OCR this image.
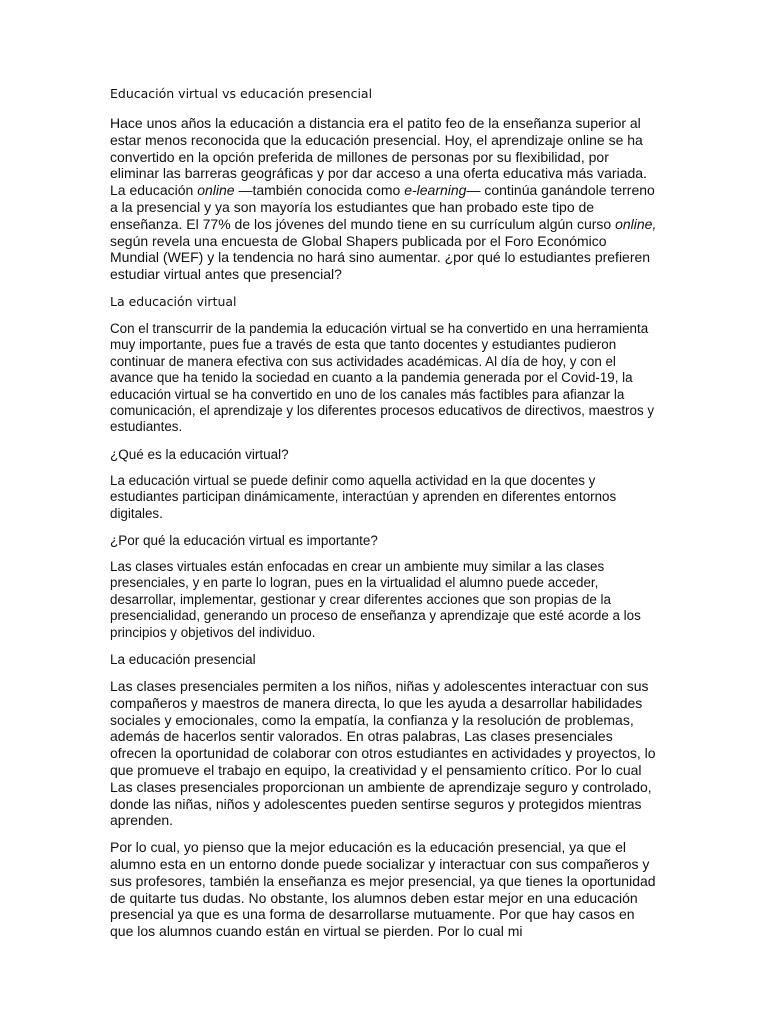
Educación virtual vs educación presencial

Hace unos años la educación a distancia era el patito feo de la enseñanza superior al estar menos reconocida que la educación presencial. Hoy, el aprendizaje online se ha convertido en la opción preferida de millones de personas por su flexibilidad, por eliminar las barreras geográficas y por dar acceso a una oferta educativa más variada. La educación online —también conocida como e-learning— continúa ganándole terreno a la presencial y ya son mayoría los estudiantes que han probado este tipo de enseñanza. El 77% de los jóvenes del mundo tiene en su currículum algún curso online, según revela una encuesta de Global Shapers publicada por el Foro Económico Mundial (WEF) y la tendencia no hará sino aumentar. ¿por qué lo estudiantes prefieren estudiar virtual antes que presencial?

La educación virtual

Con el transcurrir de la pandemia la educación virtual se ha convertido en una herramienta muy importante, pues fue a través de esta que tanto docentes y estudiantes pudieron continuar de manera efectiva con sus actividades académicas. Al día de hoy, y con el avance que ha tenido la sociedad en cuanto a la pandemia generada por el Covid-19, la educación virtual se ha convertido en uno de los canales más factibles para afianzar la comunicación, el aprendizaje y los diferentes procesos educativos de directivos, maestros y estudiantes.

¿Qué es la educación virtual?

La educación virtual se puede definir como aquella actividad en la que docentes y estudiantes participan dinámicamente, interactúan y aprenden en diferentes entornos digitales.

¿Por qué la educación virtual es importante?

Las clases virtuales están enfocadas en crear un ambiente muy similar a las clases presenciales, y en parte lo logran, pues en la virtualidad el alumno puede acceder, desarrollar, implementar, gestionar y crear diferentes acciones que son propias de la presencialidad, generando un proceso de enseñanza y aprendizaje que esté acorde a los principios y objetivos del individuo.

La educación presencial

Las clases presenciales permiten a los niños, niñas y adolescentes interactuar con sus compañeros y maestros de manera directa, lo que les ayuda a desarrollar habilidades sociales y emocionales, como la empatía, la confianza y la resolución de problemas, además de hacerlos sentir valorados. En otras palabras, Las clases presenciales ofrecen la oportunidad de colaborar con otros estudiantes en actividades y proyectos, lo que promueve el trabajo en equipo, la creatividad y el pensamiento crítico. Por lo cual Las clases presenciales proporcionan un ambiente de aprendizaje seguro y controlado, donde las niñas, niños y adolescentes pueden sentirse seguros y protegidos mientras aprenden.

Por lo cual, yo pienso que la mejor educación es la educación presencial, ya que el alumno esta en un entorno donde puede socializar y interactuar con sus compañeros y sus profesores, también la enseñanza es mejor presencial, ya que tienes la oportunidad de quitarte tus dudas. No obstante, los alumnos deben estar mejor en una educación presencial ya que es una forma de desarrollarse mutuamente. Por que hay casos en que los alumnos cuando están en virtual se pierden. Por lo cual mi
